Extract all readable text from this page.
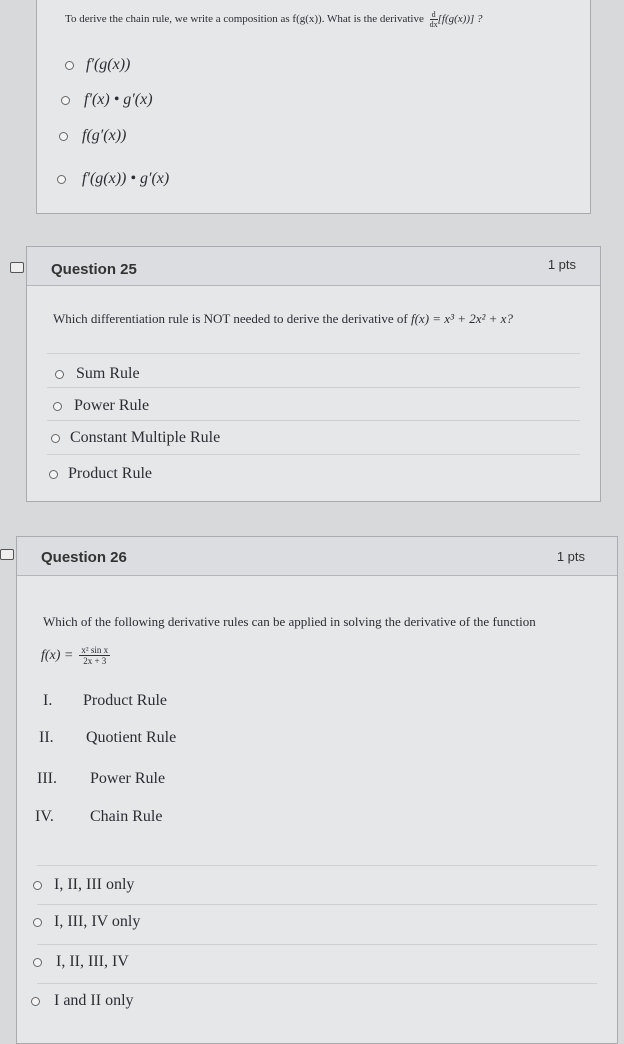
To derive the chain rule, we write a composition as f(g(x)). What is the derivative $\frac{d}{dx} [f(g(x))]$ ?
f′(g(x))
f′(x) • g′(x)
f(g′(x))
f′(g(x)) • g′(x)
Question 25	1 pts
Which differentiation rule is NOT needed to derive the derivative of f(x) = x³ + 2x² + x?
Sum Rule
Power Rule
Constant Multiple Rule
Product Rule
Question 26	1 pts
Which of the following derivative rules can be applied in solving the derivative of the function
$f(x) = \frac{\text{x² sin x}}{2x + 3}$
I. Product Rule
II. Quotient Rule
III. Power Rule
IV. Chain Rule
I, II, III only
I, III, IV only
I, II, III, IV
I and II only
